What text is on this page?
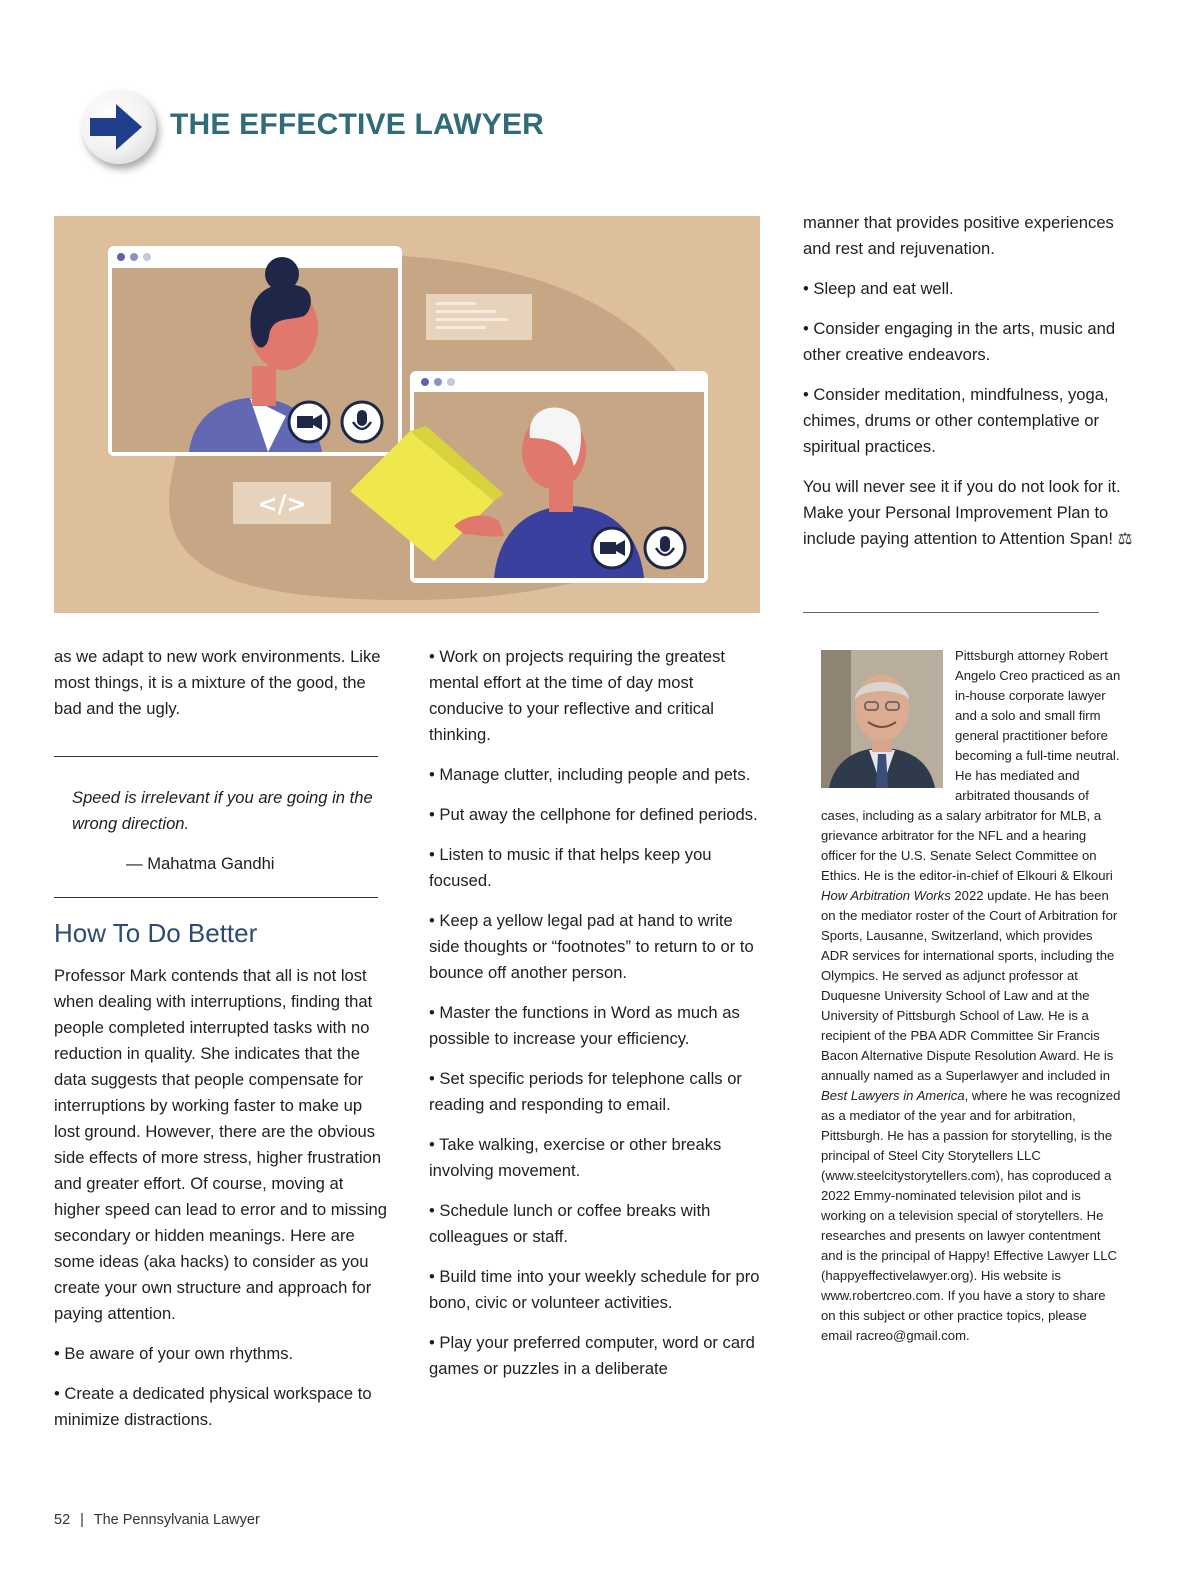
THE EFFECTIVE LAWYER
</>

as we adapt to new work environments. Like most things, it is a mixture of the good, the bad and the ugly.

Speed is irrelevant if you are going in the wrong direction.

— Mahatma Gandhi

How To Do Better

Professor Mark contends that all is not lost when dealing with interruptions, finding that people completed interrupted tasks with no reduction in quality. She indicates that the data suggests that people compensate for interruptions by working faster to make up lost ground. However, there are the obvious side effects of more stress, higher frustration and greater effort. Of course, moving at higher speed can lead to error and to missing secondary or hidden meanings. Here are some ideas (aka hacks) to consider as you create your own structure and approach for paying attention.

• Be aware of your own rhythms.

• Create a dedicated physical workspace to minimize distractions.

• Work on projects requiring the greatest mental effort at the time of day most conducive to your reflective and critical thinking.

• Manage clutter, including people and pets.

• Put away the cellphone for defined periods.

• Listen to music if that helps keep you focused.

• Keep a yellow legal pad at hand to write side thoughts or “footnotes” to return to or to bounce off another person.

• Master the functions in Word as much as possible to increase your efficiency.

• Set specific periods for telephone calls or reading and responding to email.

• Take walking, exercise or other breaks involving movement.

• Schedule lunch or coffee breaks with colleagues or staff.

• Build time into your weekly schedule for pro bono, civic or volunteer activities.

• Play your preferred computer, word or card games or puzzles in a deliberate

manner that provides positive experiences and rest and rejuvenation.

• Sleep and eat well.

• Consider engaging in the arts, music and other creative endeavors.

• Consider meditation, mindfulness, yoga, chimes, drums or other contemplative or spiritual practices.

You will never see it if you do not look for it. Make your Personal Improvement Plan to include paying attention to Attention Span! ⚖

________________________________________

Pittsburgh attorney Robert Angelo Creo practiced as an in-house corporate lawyer and a solo and small firm general practitioner before becoming a full-time neutral. He has mediated and arbitrated thousands of cases, including as a salary arbitrator for MLB, a grievance arbitrator for the NFL and a hearing officer for the U.S. Senate Select Committee on Ethics. He is the editor-in-chief of Elkouri & Elkouri How Arbitration Works 2022 update. He has been on the mediator roster of the Court of Arbitration for Sports, Lausanne, Switzerland, which provides ADR services for international sports, including the Olympics. He served as adjunct professor at Duquesne University School of Law and at the University of Pittsburgh School of Law. He is a recipient of the PBA ADR Committee Sir Francis Bacon Alternative Dispute Resolution Award. He is annually named as a Superlawyer and included in Best Lawyers in America, where he was recognized as a mediator of the year and for arbitration, Pittsburgh. He has a passion for storytelling, is the principal of Steel City Storytellers LLC (www.steelcitystorytellers.com), has coproduced a 2022 Emmy-nominated television pilot and is working on a television special of storytellers. He researches and presents on lawyer contentment and is the principal of Happy! Effective Lawyer LLC (happyeffectivelawyer.org). His website is www.robertcreo.com. If you have a story to share on this subject or other practice topics, please email racreo@gmail.com.

52 | The Pennsylvania Lawyer
